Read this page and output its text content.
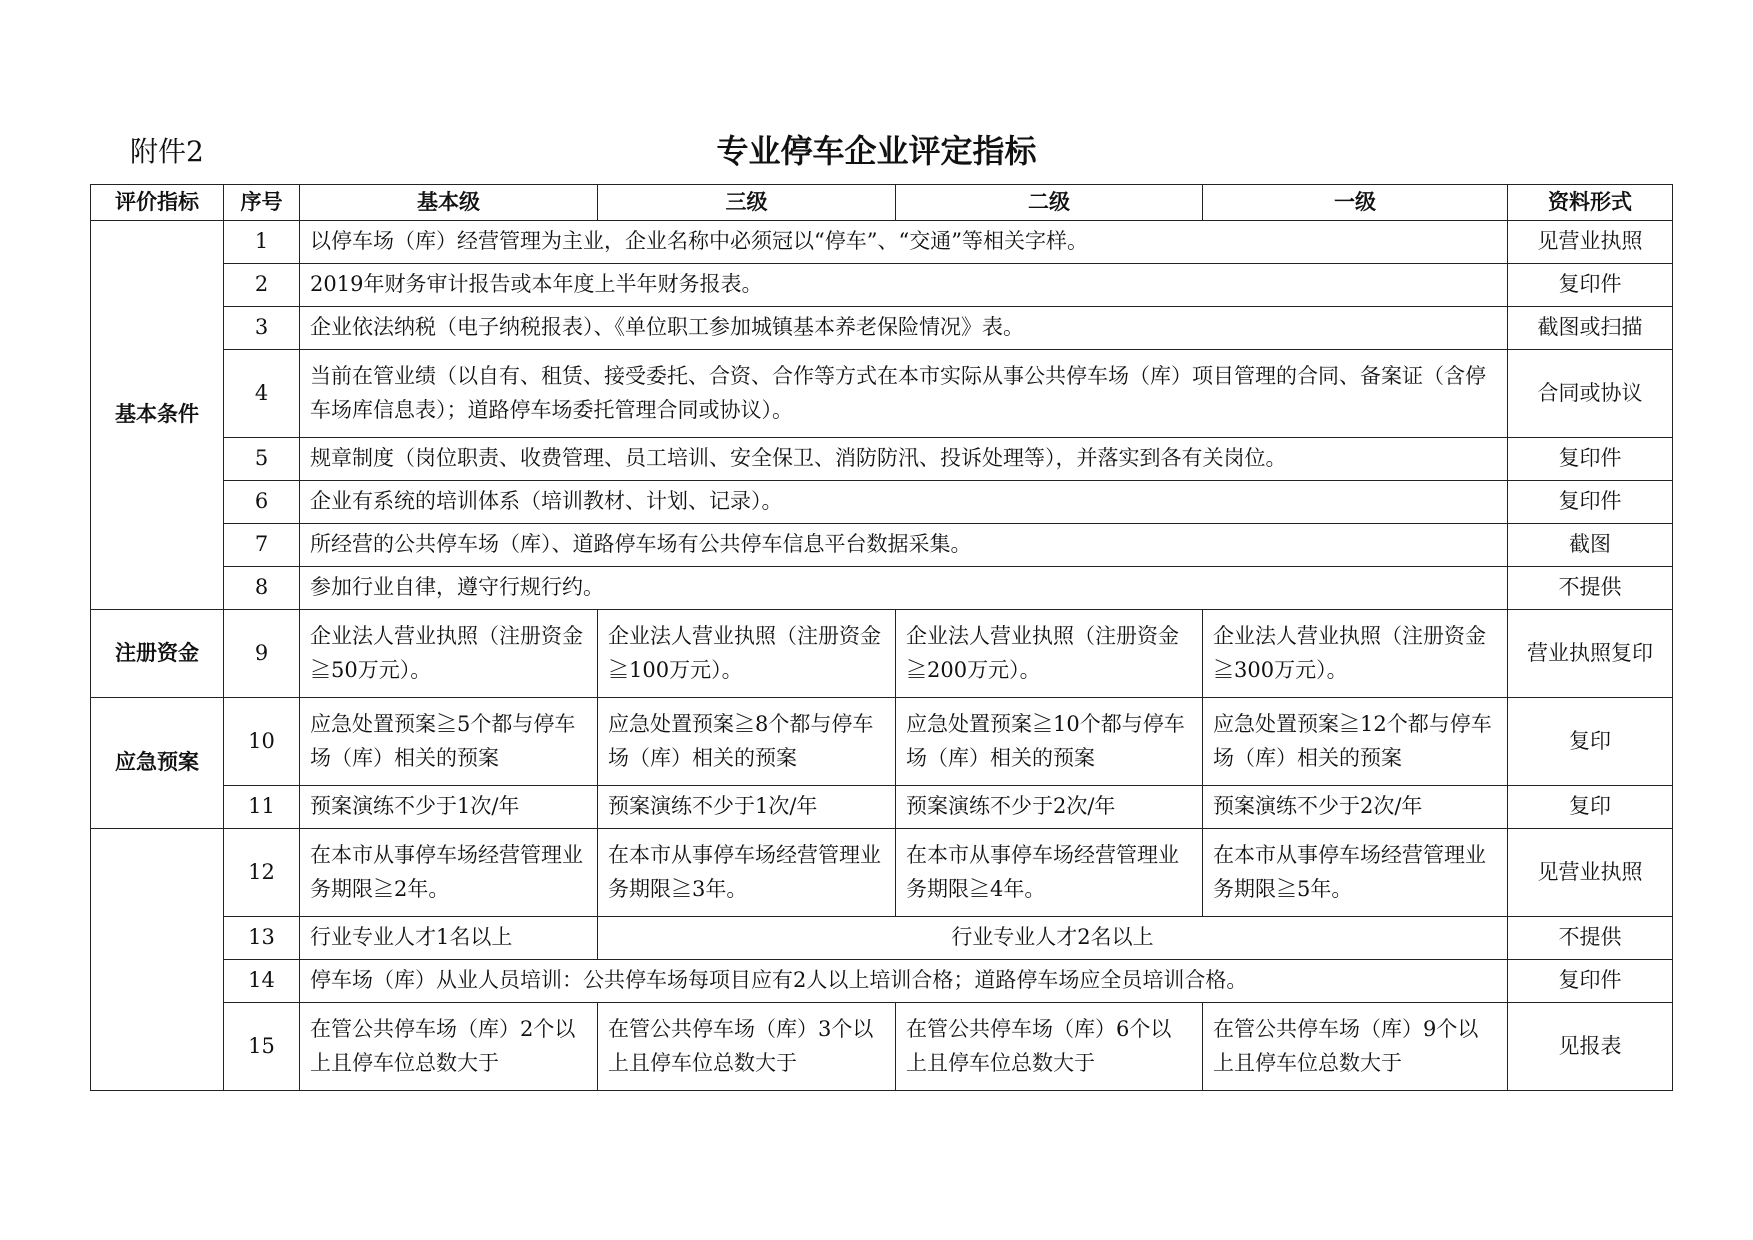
附件2	专业停车企业评定指标
评价指标	序号	基本级	三级	二级	一级	资料形式
基本条件	1	以停车场（库）经营管理为主业，企业名称中必须冠以“停车”、“交通”等相关字样。				见营业执照
	2	2019年财务审计报告或本年度上半年财务报表。				复印件
	3	企业依法纳税（电子纳税报表）、《单位职工参加城镇基本养老保险情况》表。				截图或扫描
	4	当前在管业绩（以自有、租赁、接受委托、合资、合作等方式在本市实际从事公共停车场（库）项目管理的合同、备案证（含停车场库信息表）；道路停车场委托管理合同或协议）。				合同或协议
	5	规章制度（岗位职责、收费管理、员工培训、安全保卫、消防防汛、投诉处理等），并落实到各有关岗位。				复印件
	6	企业有系统的培训体系（培训教材、计划、记录）。				复印件
	7	所经营的公共停车场（库）、道路停车场有公共停车信息平台数据采集。				截图
	8	参加行业自律，遵守行规行约。				不提供
注册资金	9	企业法人营业执照（注册资金≧50万元）。	企业法人营业执照（注册资金≧100万元）。	企业法人营业执照（注册资金≧200万元）。	企业法人营业执照（注册资金≧300万元）。	营业执照复印
应急预案	10	应急处置预案≧5个都与停车场（库）相关的预案	应急处置预案≧8个都与停车场（库）相关的预案	应急处置预案≧10个都与停车场（库）相关的预案	应急处置预案≧12个都与停车场（库）相关的预案	复印
	11	预案演练不少于1次/年	预案演练不少于1次/年	预案演练不少于2次/年	预案演练不少于2次/年	复印
	12	在本市从事停车场经营管理业务期限≧2年。	在本市从事停车场经营管理业务期限≧3年。	在本市从事停车场经营管理业务期限≧4年。	在本市从事停车场经营管理业务期限≧5年。	见营业执照
	13	行业专业人才1名以上	行业专业人才2名以上			不提供
	14	停车场（库）从业人员培训：公共停车场每项目应有2人以上培训合格；道路停车场应全员培训合格。				复印件
	15	在管公共停车场（库）2个以上且停车位总数大于	在管公共停车场（库）3个以上且停车位总数大于	在管公共停车场（库）6个以上且停车位总数大于	在管公共停车场（库）9个以上且停车位总数大于	见报表
